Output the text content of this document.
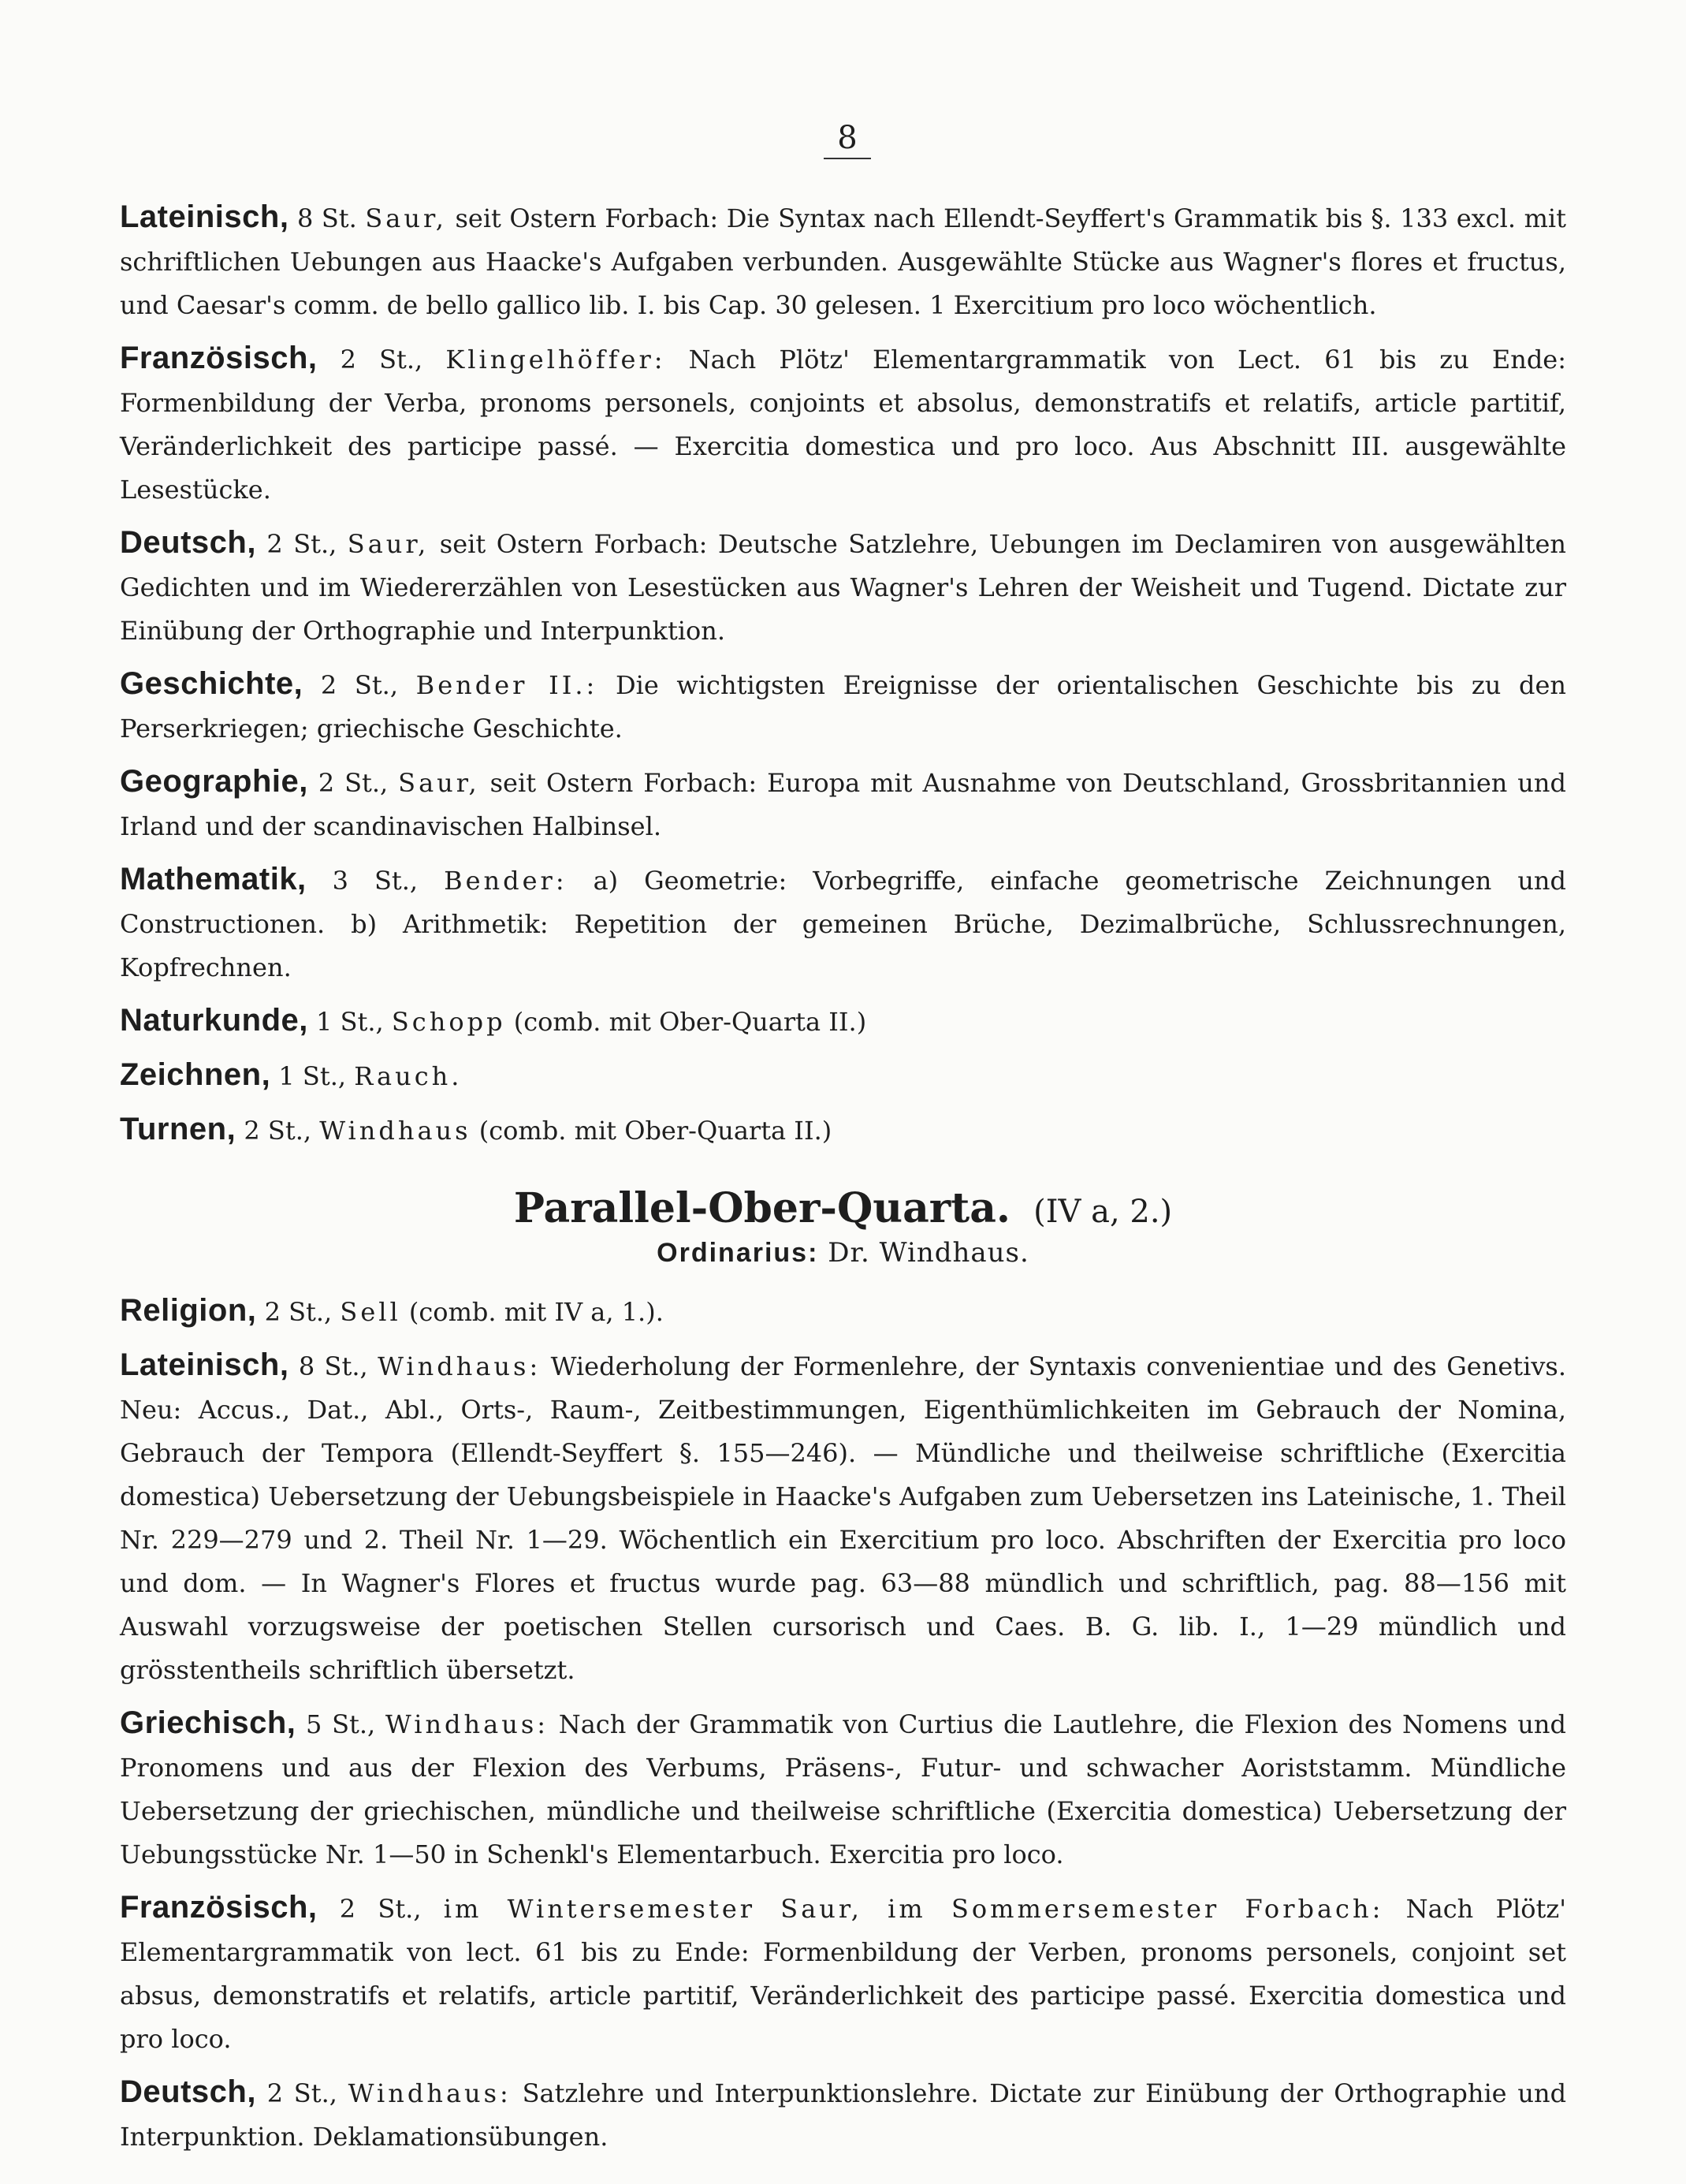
8

Lateinisch, 8 St. Saur, seit Ostern Forbach: Die Syntax nach Ellendt-Seyffert's Grammatik bis §. 133 excl. mit schriftlichen Uebungen aus Haacke's Aufgaben verbunden. Ausgewählte Stücke aus Wagner's flores et fructus, und Caesar's comm. de bello gallico lib. I. bis Cap. 30 gelesen. 1 Exercitium pro loco wöchentlich.

Französisch, 2 St., Klingelhöffer: Nach Plötz' Elementargrammatik von Lect. 61 bis zu Ende: Formenbildung der Verba, pronoms personels, conjoints et absolus, demonstratifs et relatifs, article partitif, Veränderlichkeit des participe passé. — Exercitia domestica und pro loco. Aus Abschnitt III. ausgewählte Lesestücke.

Deutsch, 2 St., Saur, seit Ostern Forbach: Deutsche Satzlehre, Uebungen im Declamiren von ausgewählten Gedichten und im Wiedererzählen von Lesestücken aus Wagner's Lehren der Weisheit und Tugend. Dictate zur Einübung der Orthographie und Interpunktion.

Geschichte, 2 St., Bender II.: Die wichtigsten Ereignisse der orientalischen Geschichte bis zu den Perserkriegen; griechische Geschichte.

Geographie, 2 St., Saur, seit Ostern Forbach: Europa mit Ausnahme von Deutschland, Grossbritannien und Irland und der scandinavischen Halbinsel.

Mathematik, 3 St., Bender: a) Geometrie: Vorbegriffe, einfache geometrische Zeichnungen und Constructionen. b) Arithmetik: Repetition der gemeinen Brüche, Dezimalbrüche, Schlussrechnungen, Kopfrechnen.

Naturkunde, 1 St., Schopp (comb. mit Ober-Quarta II.)

Zeichnen, 1 St., Rauch.

Turnen, 2 St., Windhaus (comb. mit Ober-Quarta II.)

Parallel-Ober-Quarta. (IV a, 2.)
Ordinarius: Dr. Windhaus.

Religion, 2 St., Sell (comb. mit IV a, 1.).

Lateinisch, 8 St., Windhaus: Wiederholung der Formenlehre, der Syntaxis convenientiae und des Genetivs. Neu: Accus., Dat., Abl., Orts-, Raum-, Zeitbestimmungen, Eigenthümlichkeiten im Gebrauch der Nomina, Gebrauch der Tempora (Ellendt-Seyffert §. 155—246). — Mündliche und theilweise schriftliche (Exercitia domestica) Uebersetzung der Uebungsbeispiele in Haacke's Aufgaben zum Uebersetzen ins Lateinische, 1. Theil Nr. 229—279 und 2. Theil Nr. 1—29. Wöchentlich ein Exercitium pro loco. Abschriften der Exercitia pro loco und dom. — In Wagner's Flores et fructus wurde pag. 63—88 mündlich und schriftlich, pag. 88—156 mit Auswahl vorzugsweise der poetischen Stellen cursorisch und Caes. B. G. lib. I., 1—29 mündlich und grösstentheils schriftlich übersetzt.

Griechisch, 5 St., Windhaus: Nach der Grammatik von Curtius die Lautlehre, die Flexion des Nomens und Pronomens und aus der Flexion des Verbums, Präsens-, Futur- und schwacher Aoriststamm. Mündliche Uebersetzung der griechischen, mündliche und theilweise schriftliche (Exercitia domestica) Uebersetzung der Uebungsstücke Nr. 1—50 in Schenkl's Elementarbuch. Exercitia pro loco.

Französisch, 2 St., im Wintersemester Saur, im Sommersemester Forbach: Nach Plötz' Elementargrammatik von lect. 61 bis zu Ende: Formenbildung der Verben, pronoms personels, conjoint set absus, demonstratifs et relatifs, article partitif, Veränderlichkeit des participe passé. Exercitia domestica und pro loco.

Deutsch, 2 St., Windhaus: Satzlehre und Interpunktionslehre. Dictate zur Einübung der Orthographie und Interpunktion. Deklamationsübungen.
